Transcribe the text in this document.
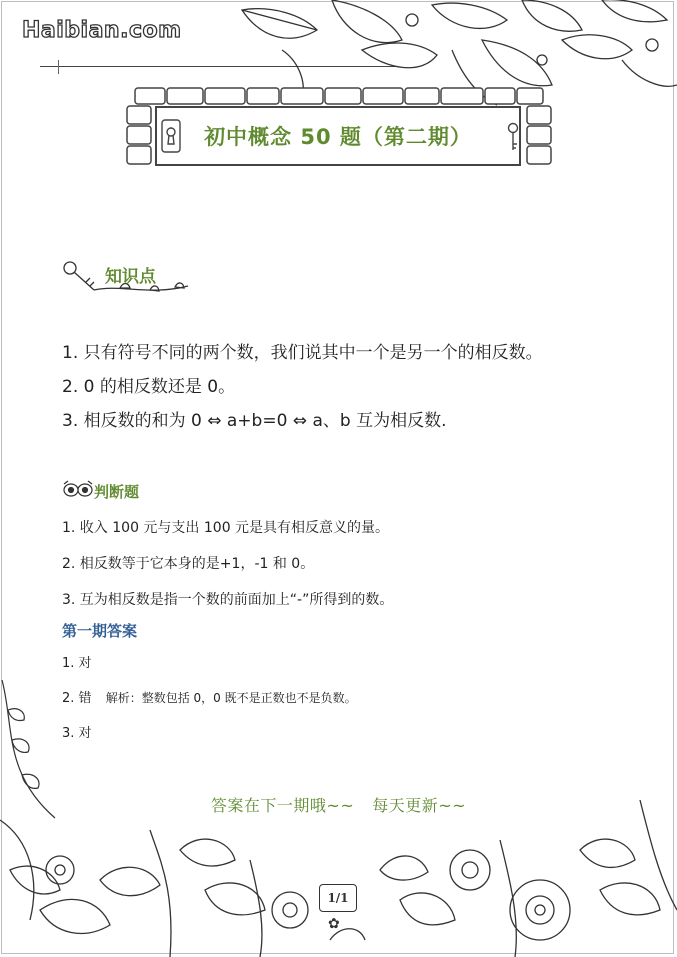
Haibian.com
初中概念 50 题（第二期）
知识点
1. 只有符号不同的两个数，我们说其中一个是另一个的相反数。
2. 0 的相反数还是 0。
3. 相反数的和为 0 ⇔ a+b=0 ⇔ a、b 互为相反数.
判断题
1. 收入 100 元与支出 100 元是具有相反意义的量。
2. 相反数等于它本身的是+1，-1 和 0。
3. 互为相反数是指一个数的前面加上“-”所得到的数。
第一期答案
1. 对
2. 错 解析：整数包括 0，0 既不是正数也不是负数。
3. 对
答案在下一期哦~~ 每天更新~~
1/1
✿
